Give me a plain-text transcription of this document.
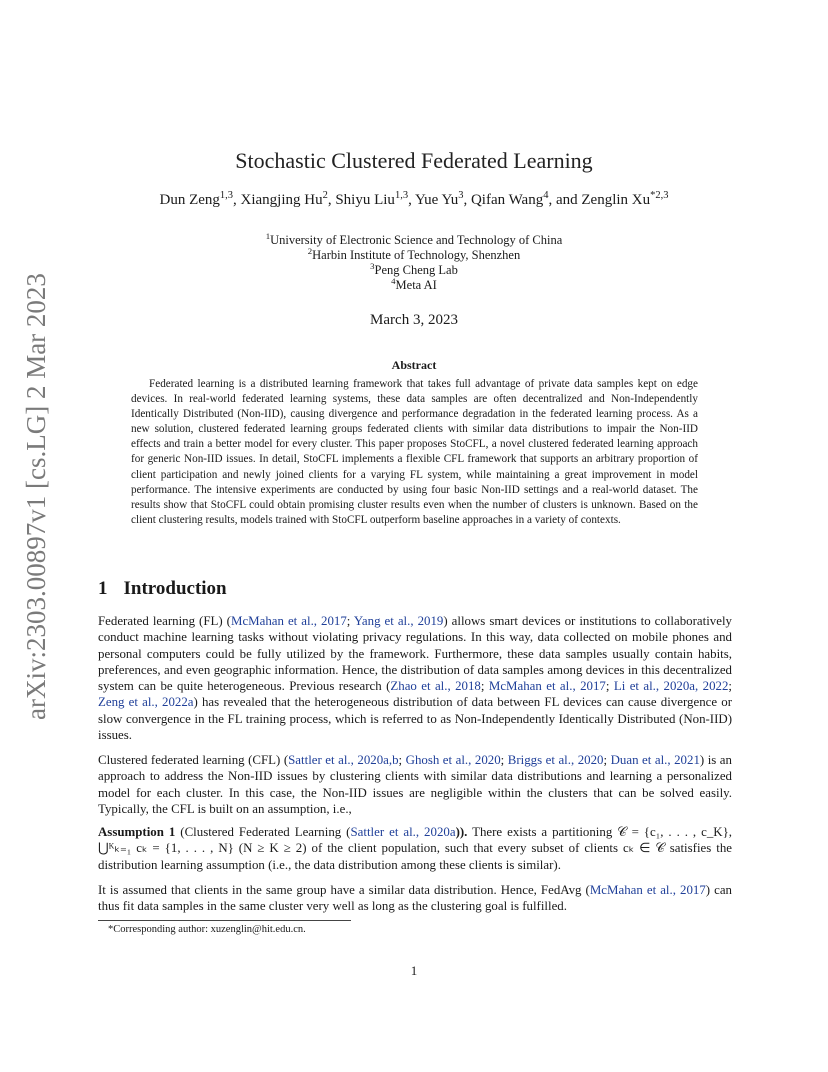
arXiv:2303.00897v1 [cs.LG] 2 Mar 2023
Stochastic Clustered Federated Learning
Dun Zeng$^{1,3}$, Xiangjing Hu$^2$, Shiyu Liu$^{1,3}$, Yue Yu$^3$, Qifan Wang$^4$, and Zenglin Xu$^{*2,3}$
$^1$University of Electronic Science and Technology of China
$^2$Harbin Institute of Technology, Shenzhen
$^3$Peng Cheng Lab
$^4$Meta AI
March 3, 2023
Abstract

Federated learning is a distributed learning framework that takes full advantage of private data samples kept on edge devices. In real-world federated learning systems, these data samples are often decentralized and Non-Independently Identically Distributed (Non-IID), causing divergence and performance degradation in the federated learning process. As a new solution, clustered federated learning groups federated clients with similar data distributions to impair the Non-IID effects and train a better model for every cluster. This paper proposes StoCFL, a novel clustered federated learning approach for generic Non-IID issues. In detail, StoCFL implements a flexible CFL framework that supports an arbitrary proportion of client participation and newly joined clients for a varying FL system, while maintaining a great improvement in model performance. The intensive experiments are conducted by using four basic Non-IID settings and a real-world dataset. The results show that StoCFL could obtain promising cluster results even when the number of clusters is unknown. Based on the client clustering results, models trained with StoCFL outperform baseline approaches in a variety of contexts.

1 Introduction
Federated learning (FL) (McMahan et al., 2017; Yang et al., 2019) allows smart devices or institutions to collaboratively conduct machine learning tasks without violating privacy regulations. In this way, data collected on mobile phones and personal computers could be fully utilized by the framework. Furthermore, these data samples usually contain habits, preferences, and even geographic information. Hence, the distribution of data samples among devices in this decentralized system can be quite heterogeneous. Previous research (Zhao et al., 2018; McMahan et al., 2017; Li et al., 2020a, 2022; Zeng et al., 2022a) has revealed that the heterogeneous distribution of data between FL devices can cause divergence or slow convergence in the FL training process, which is referred to as Non-Independently Identically Distributed (Non-IID) issues.
Clustered federated learning (CFL) (Sattler et al., 2020a,b; Ghosh et al., 2020; Briggs et al., 2020; Duan et al., 2021) is an approach to address the Non-IID issues by clustering clients with similar data distributions and learning a personalized model for each cluster. In this case, the Non-IID issues are negligible within the clusters that can be solved easily. Typically, the CFL is built on an assumption, i.e.,
Assumption 1 (Clustered Federated Learning (Sattler et al., 2020a)). There exists a partitioning 𝒞 = {c₁, . . . , c_K}, ⋃ᴷₖ₌₁ cₖ = {1, . . . , N} (N ≥ K ≥ 2) of the client population, such that every subset of clients cₖ ∈ 𝒞 satisfies the distribution learning assumption (i.e., the data distribution among these clients is similar).
It is assumed that clients in the same group have a similar data distribution. Hence, FedAvg (McMahan et al., 2017) can thus fit data samples in the same cluster very well as long as the clustering goal is fulfilled.
*Corresponding author: xuzenglin@hit.edu.cn.
1
